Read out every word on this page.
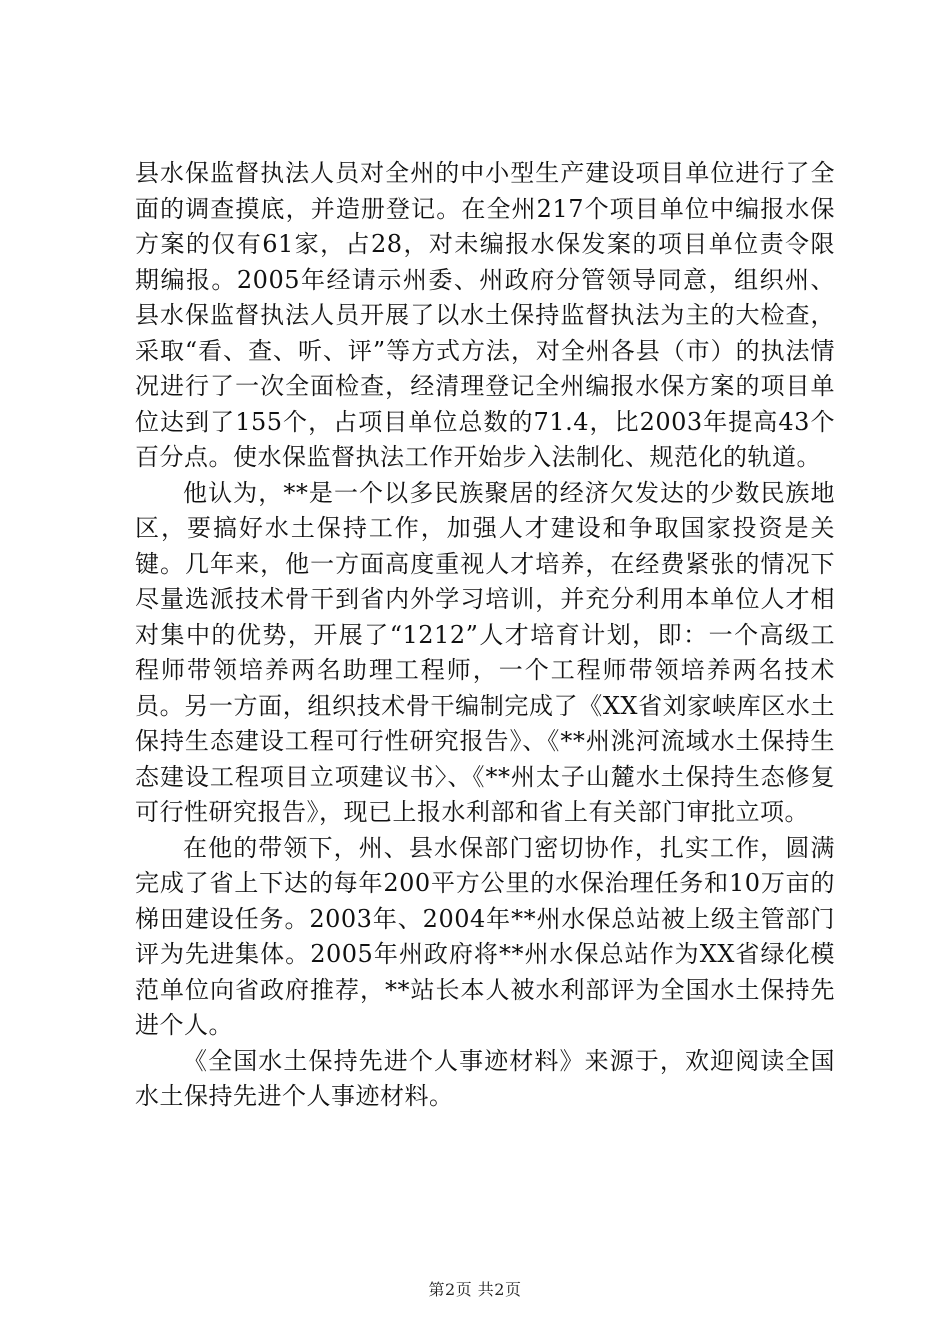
县水保监督执法人员对全州的中小型生产建设项目单位进行了全面的调查摸底，并造册登记。在全州217个项目单位中编报水保方案的仅有61家，占28，对未编报水保发案的项目单位责令限期编报。2005年经请示州委、州政府分管领导同意，组织州、县水保监督执法人员开展了以水土保持监督执法为主的大检查，采取“看、查、听、评”等方式方法，对全州各县（市）的执法情况进行了一次全面检查，经清理登记全州编报水保方案的项目单位达到了155个，占项目单位总数的71.4，比2003年提高43个百分点。使水保监督执法工作开始步入法制化、规范化的轨道。

他认为，**是一个以多民族聚居的经济欠发达的少数民族地区，要搞好水土保持工作，加强人才建设和争取国家投资是关键。几年来，他一方面高度重视人才培养，在经费紧张的情况下尽量选派技术骨干到省内外学习培训，并充分利用本单位人才相对集中的优势，开展了“1212”人才培育计划，即：一个高级工程师带领培养两名助理工程师，一个工程师带领培养两名技术员。另一方面，组织技术骨干编制完成了《XX省刘家峡库区水土保持生态建设工程可行性研究报告》、《**州洮河流域水土保持生态建设工程项目立项建议书〉、《**州太子山麓水土保持生态修复可行性研究报告》，现已上报水利部和省上有关部门审批立项。

在他的带领下，州、县水保部门密切协作，扎实工作，圆满完成了省上下达的每年200平方公里的水保治理任务和10万亩的梯田建设任务。2003年、2004年**州水保总站被上级主管部门评为先进集体。2005年州政府将**州水保总站作为XX省绿化模范单位向省政府推荐，**站长本人被水利部评为全国水土保持先进个人。

《全国水土保持先进个人事迹材料》来源于，欢迎阅读全国水土保持先进个人事迹材料。

第2页 共2页
